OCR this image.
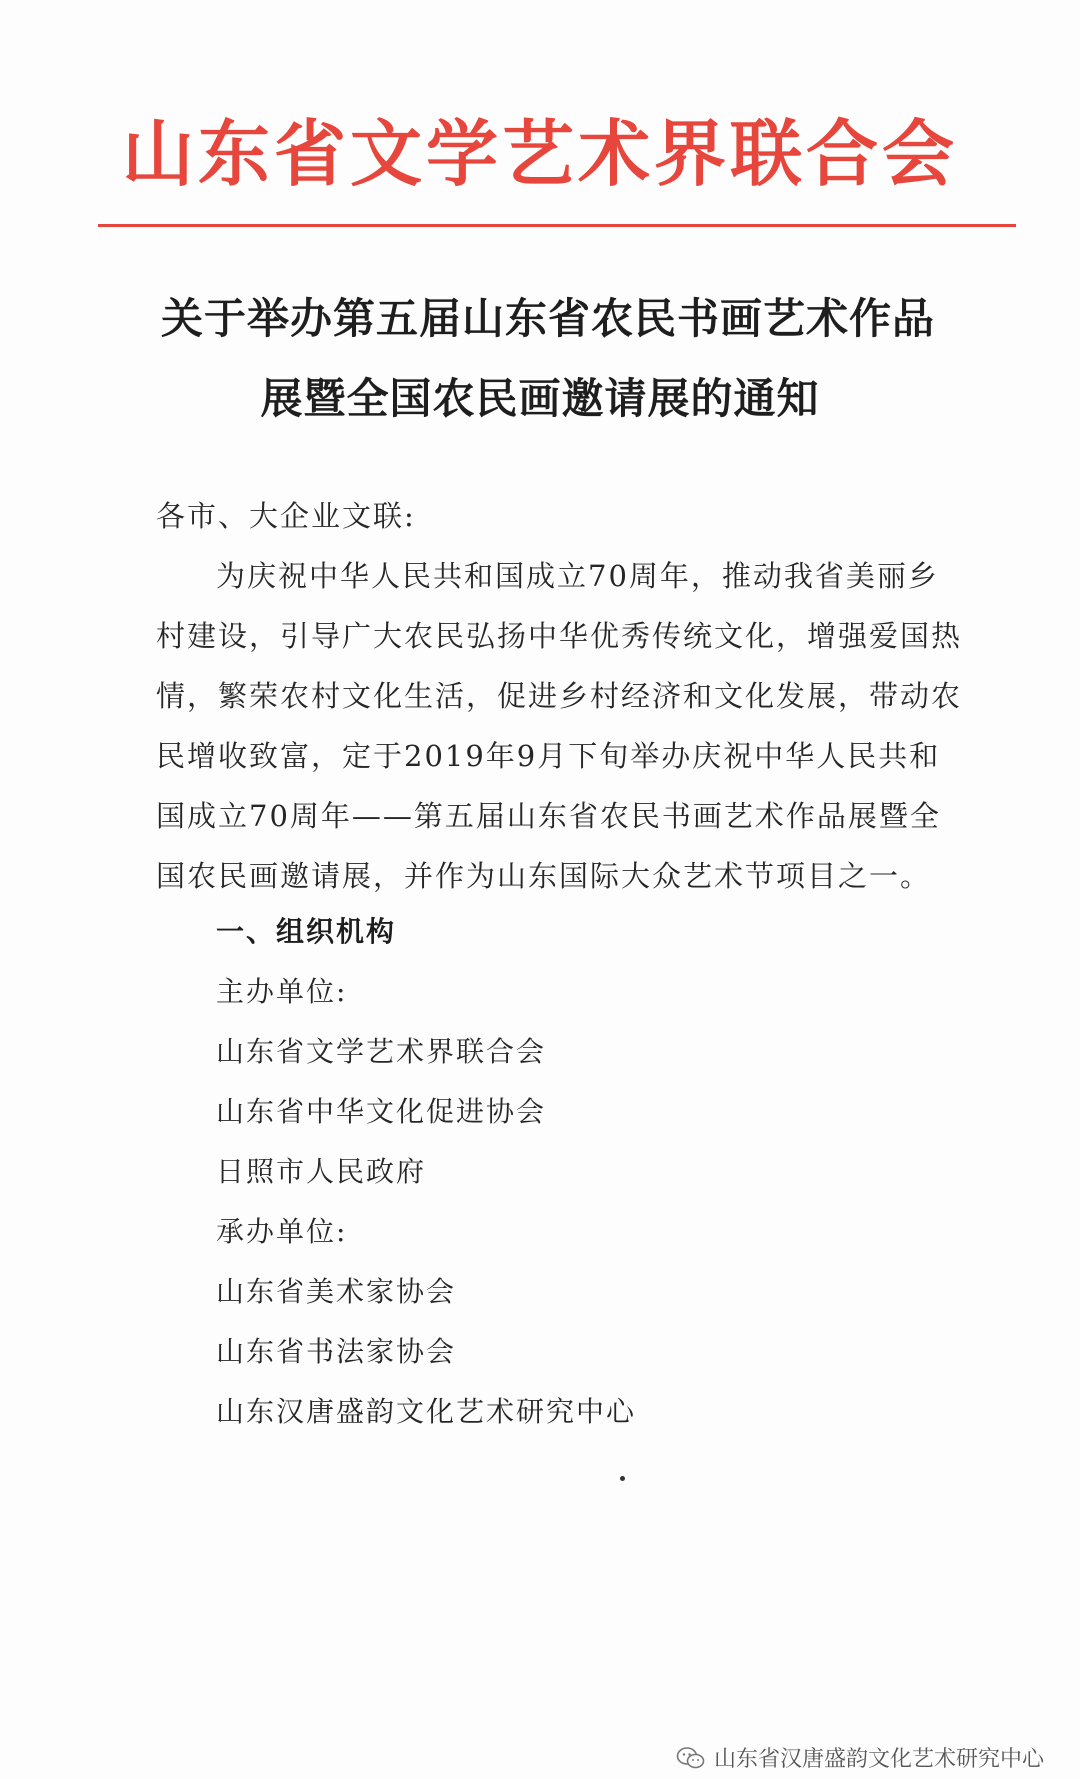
山东省文学艺术界联合会
关于举办第五届山东省农民书画艺术作品
展暨全国农民画邀请展的通知
各市、大企业文联:
为庆祝中华人民共和国成立70周年，推动我省美丽乡
村建设，引导广大农民弘扬中华优秀传统文化，增强爱国热
情，繁荣农村文化生活，促进乡村经济和文化发展，带动农
民增收致富，定于2019年9月下旬举办庆祝中华人民共和
国成立70周年——第五届山东省农民书画艺术作品展暨全
国农民画邀请展，并作为山东国际大众艺术节项目之一。
一、组织机构
主办单位:
山东省文学艺术界联合会
山东省中华文化促进协会
日照市人民政府
承办单位:
山东省美术家协会
山东省书法家协会
山东汉唐盛韵文化艺术研究中心
山东省汉唐盛韵文化艺术研究中心
